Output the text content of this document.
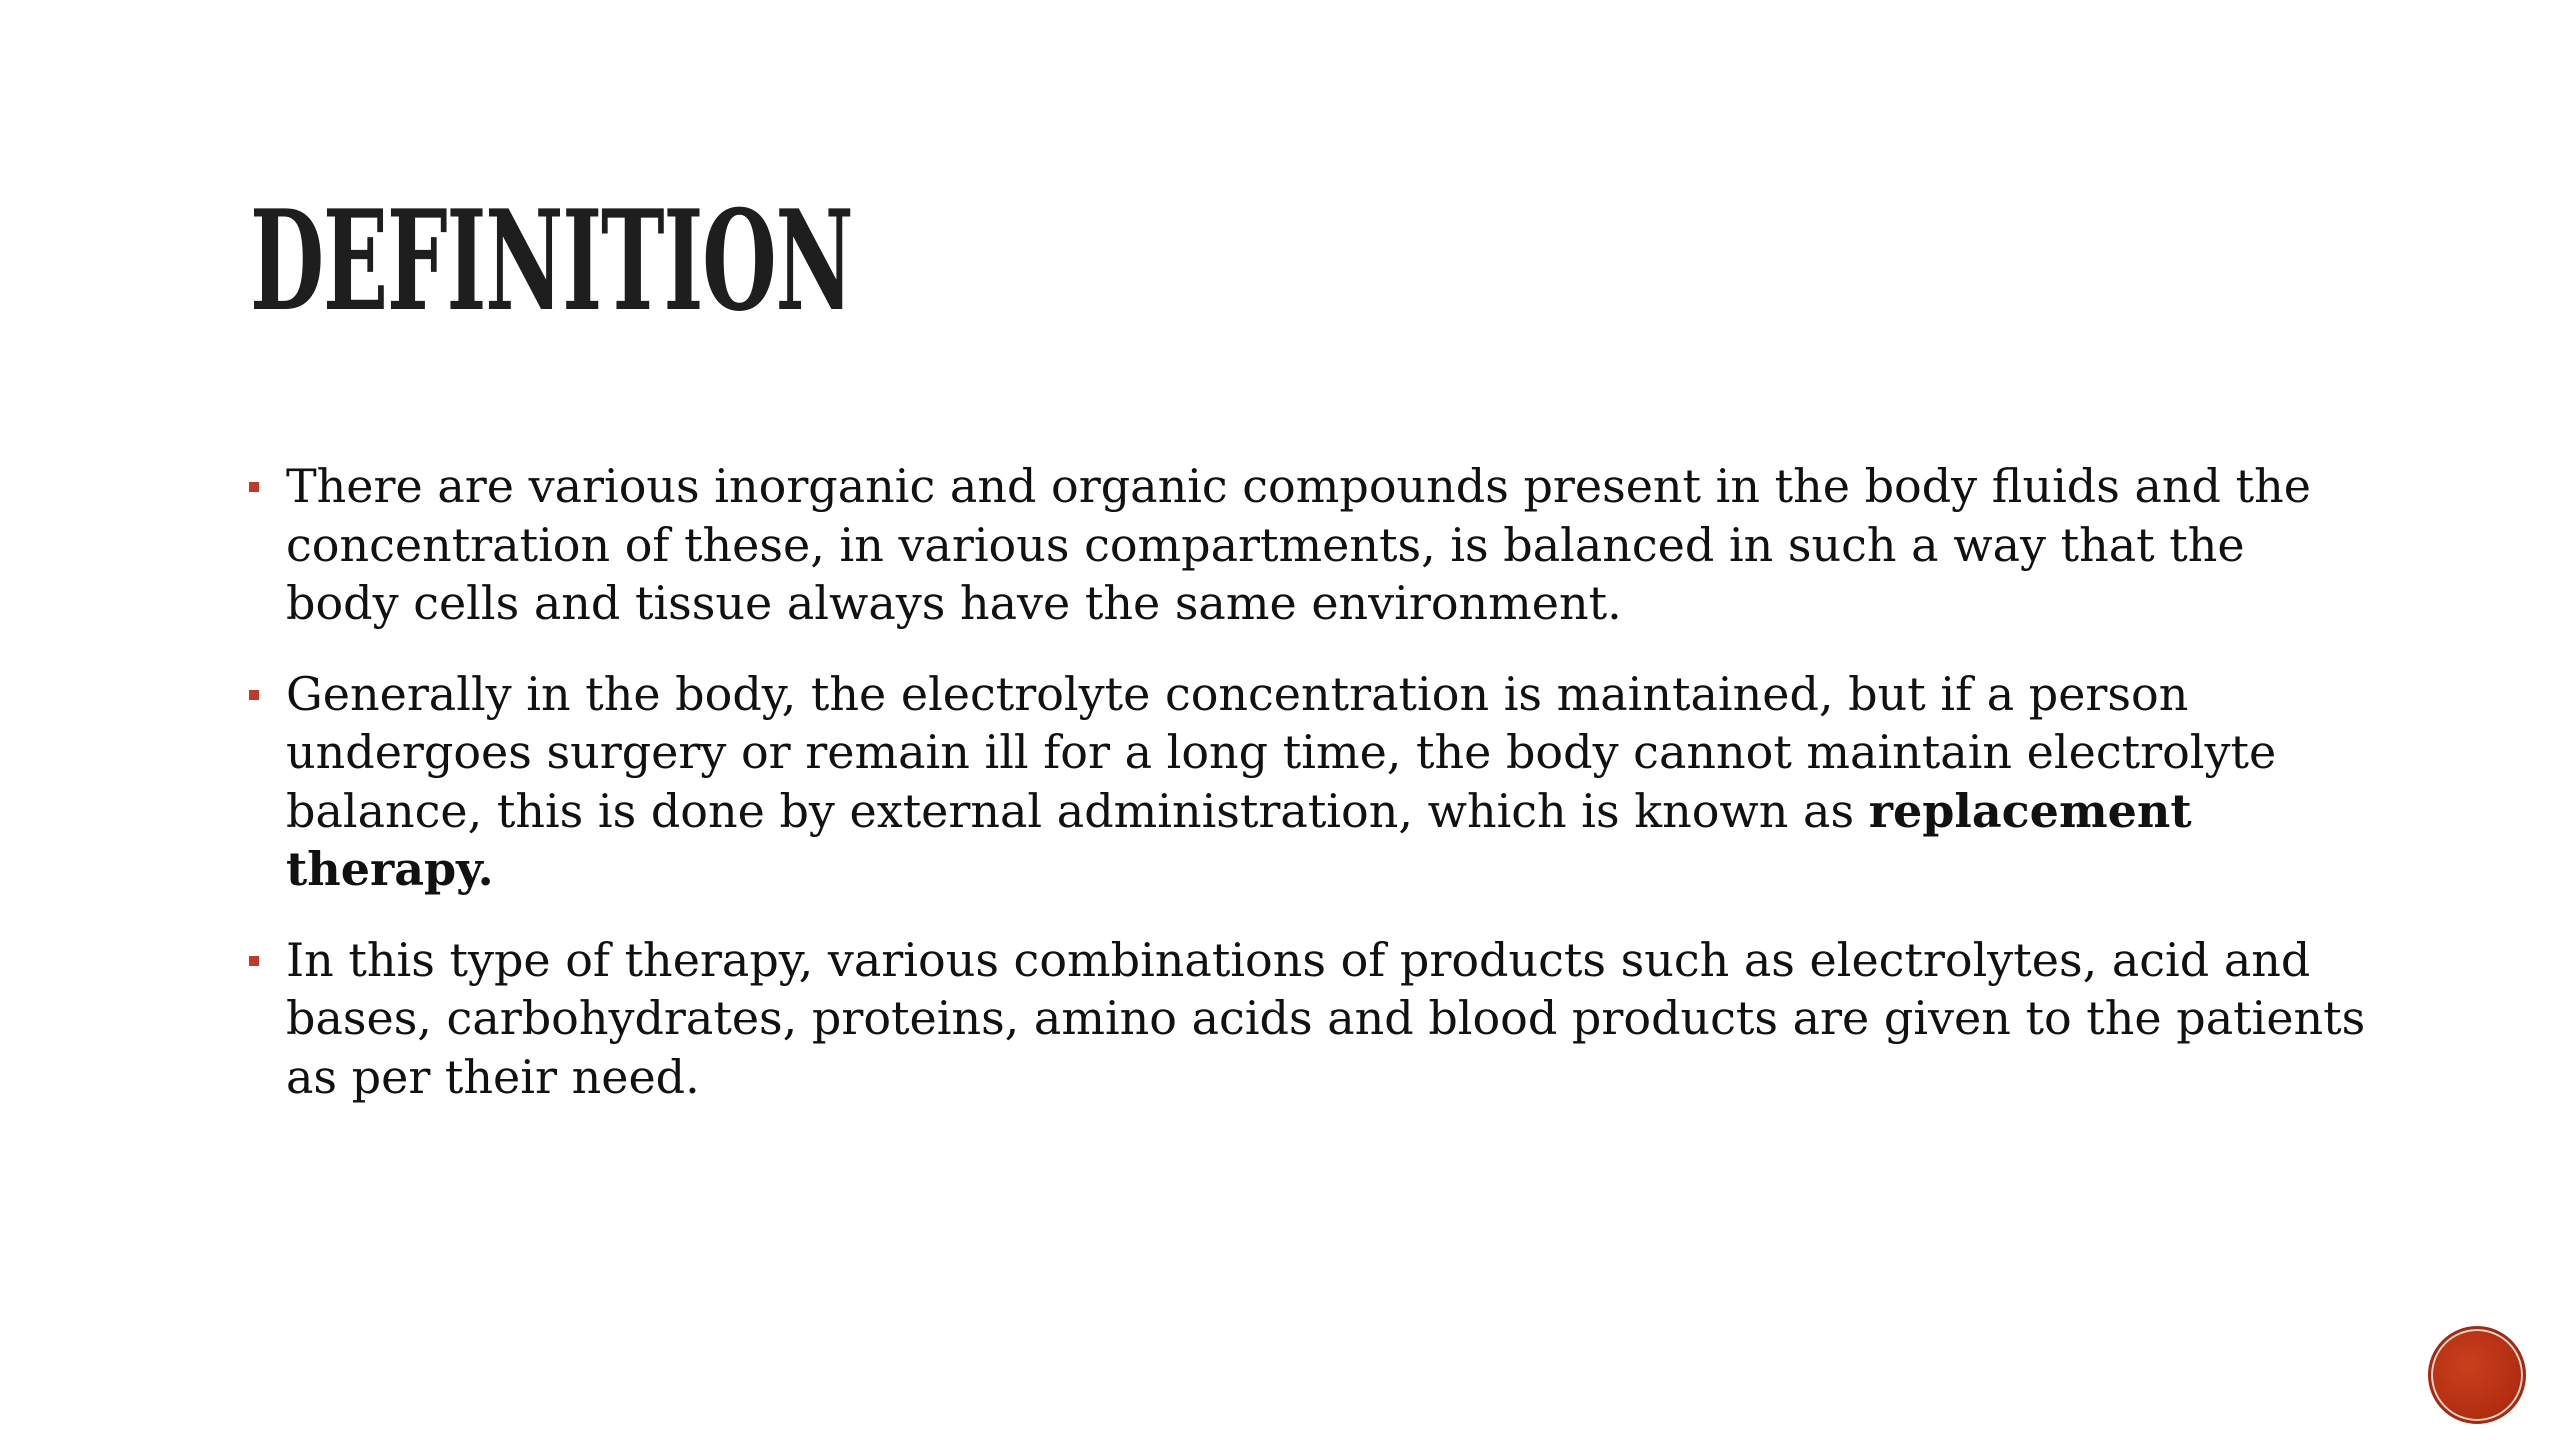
DEFINITION
There are various inorganic and organic compounds present in the body fluids and the concentration of these, in various compartments, is balanced in such a way that the body cells and tissue always have the same environment.
Generally in the body, the electrolyte concentration is maintained, but if a person undergoes surgery or remain ill for a long time, the body cannot maintain electrolyte balance, this is done by external administration, which is known as replacement therapy.
In this type of therapy, various combinations of products such as electrolytes, acid and bases, carbohydrates, proteins, amino acids and blood products are given to the patients as per their need.
